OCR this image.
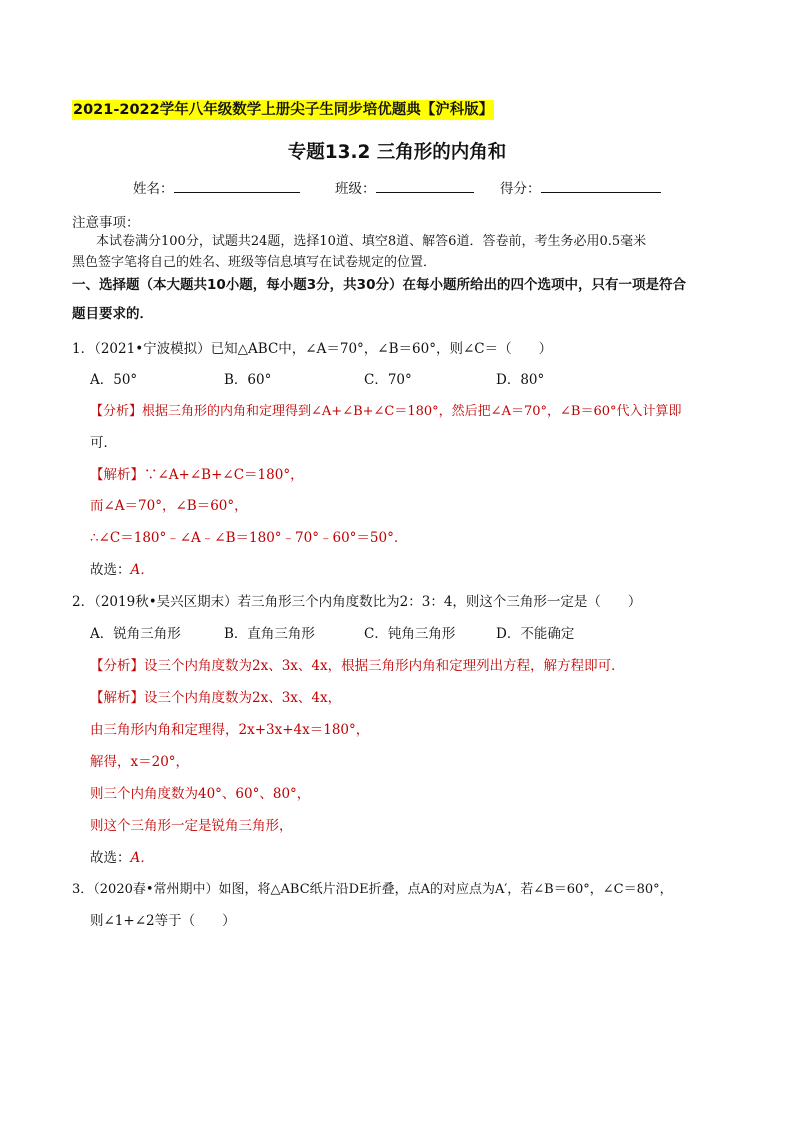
2021-2022学年八年级数学上册尖子生同步培优题典【沪科版】
专题13.2 三角形的内角和
姓名：	班级：	得分：
注意事项：
本试卷满分100分，试题共24题，选择10道、填空8道、解答6道．答卷前，考生务必用0.5毫米
黑色签字笔将自己的姓名、班级等信息填写在试卷规定的位置．
一、选择题（本大题共10小题，每小题3分，共30分）在每小题所给出的四个选项中，只有一项是符合
题目要求的．
1．（2021•宁波模拟）已知△ABC中，∠A＝70°，∠B＝60°，则∠C＝（　　）
A．50°	B．60°	C．70°	D．80°
【分析】根据三角形的内角和定理得到∠A+∠B+∠C＝180°，然后把∠A＝70°，∠B＝60°代入计算即
可．
【解析】∵∠A+∠B+∠C＝180°，
而∠A＝70°，∠B＝60°，
∴∠C＝180°﹣∠A﹣∠B＝180°﹣70°﹣60°＝50°．
故选：A．
2．（2019秋•吴兴区期末）若三角形三个内角度数比为2：3：4，则这个三角形一定是（　　）
A．锐角三角形	B．直角三角形	C．钝角三角形	D．不能确定
【分析】设三个内角度数为2x、3x、4x，根据三角形内角和定理列出方程，解方程即可．
【解析】设三个内角度数为2x、3x、4x，
由三角形内角和定理得，2x+3x+4x＝180°，
解得，x＝20°，
则三个内角度数为40°、60°、80°，
则这个三角形一定是锐角三角形，
故选：A．
3．（2020春•常州期中）如图，将△ABC纸片沿DE折叠，点A的对应点为A′，若∠B＝60°，∠C＝80°，
则∠1+∠2等于（　　）
